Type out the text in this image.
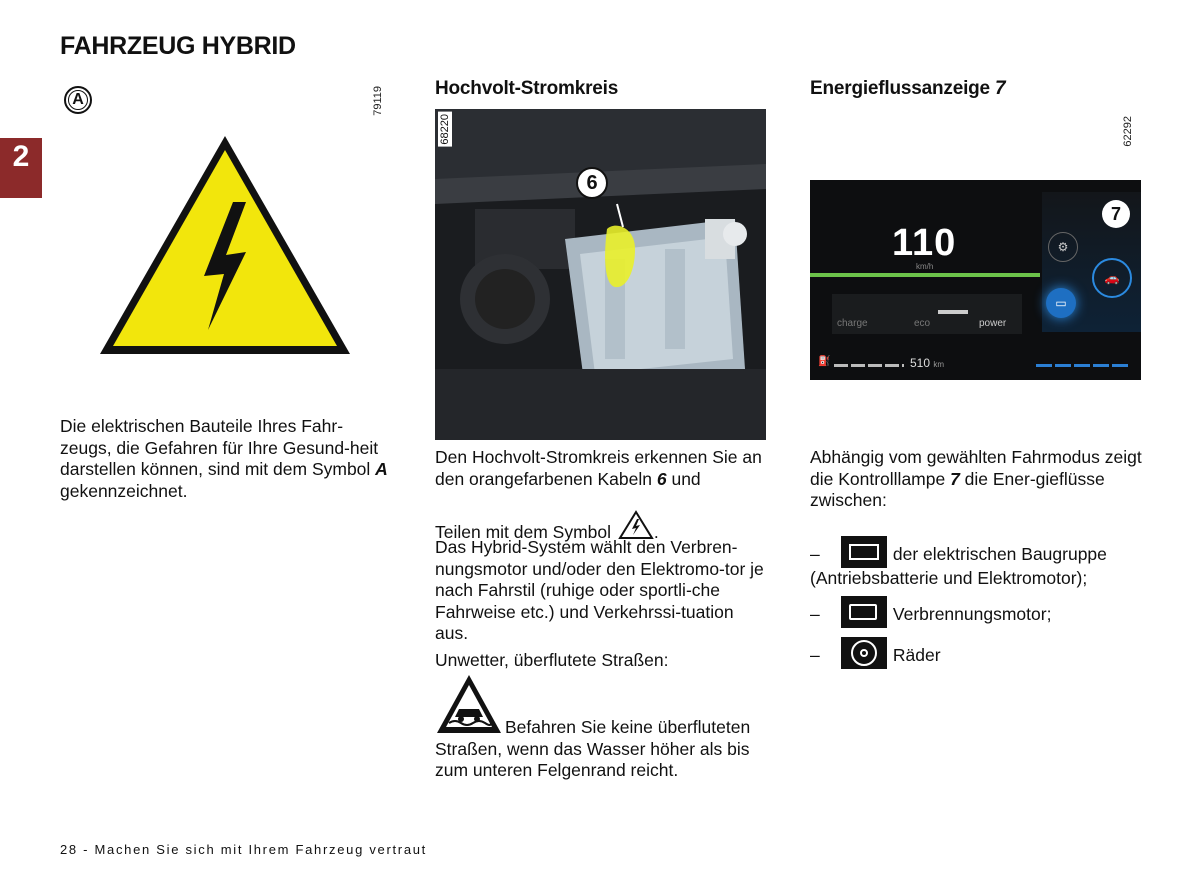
FAHRZEUG HYBRID
2
A	79119

Die elektrischen Bauteile Ihres Fahr-zeugs, die Gefahren für Ihre Gesund-heit darstellen können, sind mit dem Symbol A gekennzeichnet.

Hochvolt-Stromkreis
6
68220

Den Hochvolt-Stromkreis erkennen Sie an den orangefarbenen Kabeln 6 und

Teilen mit dem Symbol .

Das Hybrid-System wählt den Verbren-nungsmotor und/oder den Elektromo-tor je nach Fahrstil (ruhige oder sportli-che Fahrweise etc.) und Verkehrssi-tuation aus.

Unwetter, überflutete Straßen:

Befahren Sie keine überfluteten Straßen, wenn das Wasser höher als bis zum unteren Felgenrand reicht.

Energieflussanzeige 7
62292
110
km/h
charge	eco	power
⛽	510 km
⚙
▭
🚗
7

Abhängig vom gewählten Fahrmodus zeigt die Kontrolllampe 7 die Ener-gieflüsse zwischen:

–	der elektrischen Baugruppe
(Antriebsbatterie und Elektromotor);
–	Verbrennungsmotor;
–	Räder

28 - Machen Sie sich mit Ihrem Fahrzeug vertraut
